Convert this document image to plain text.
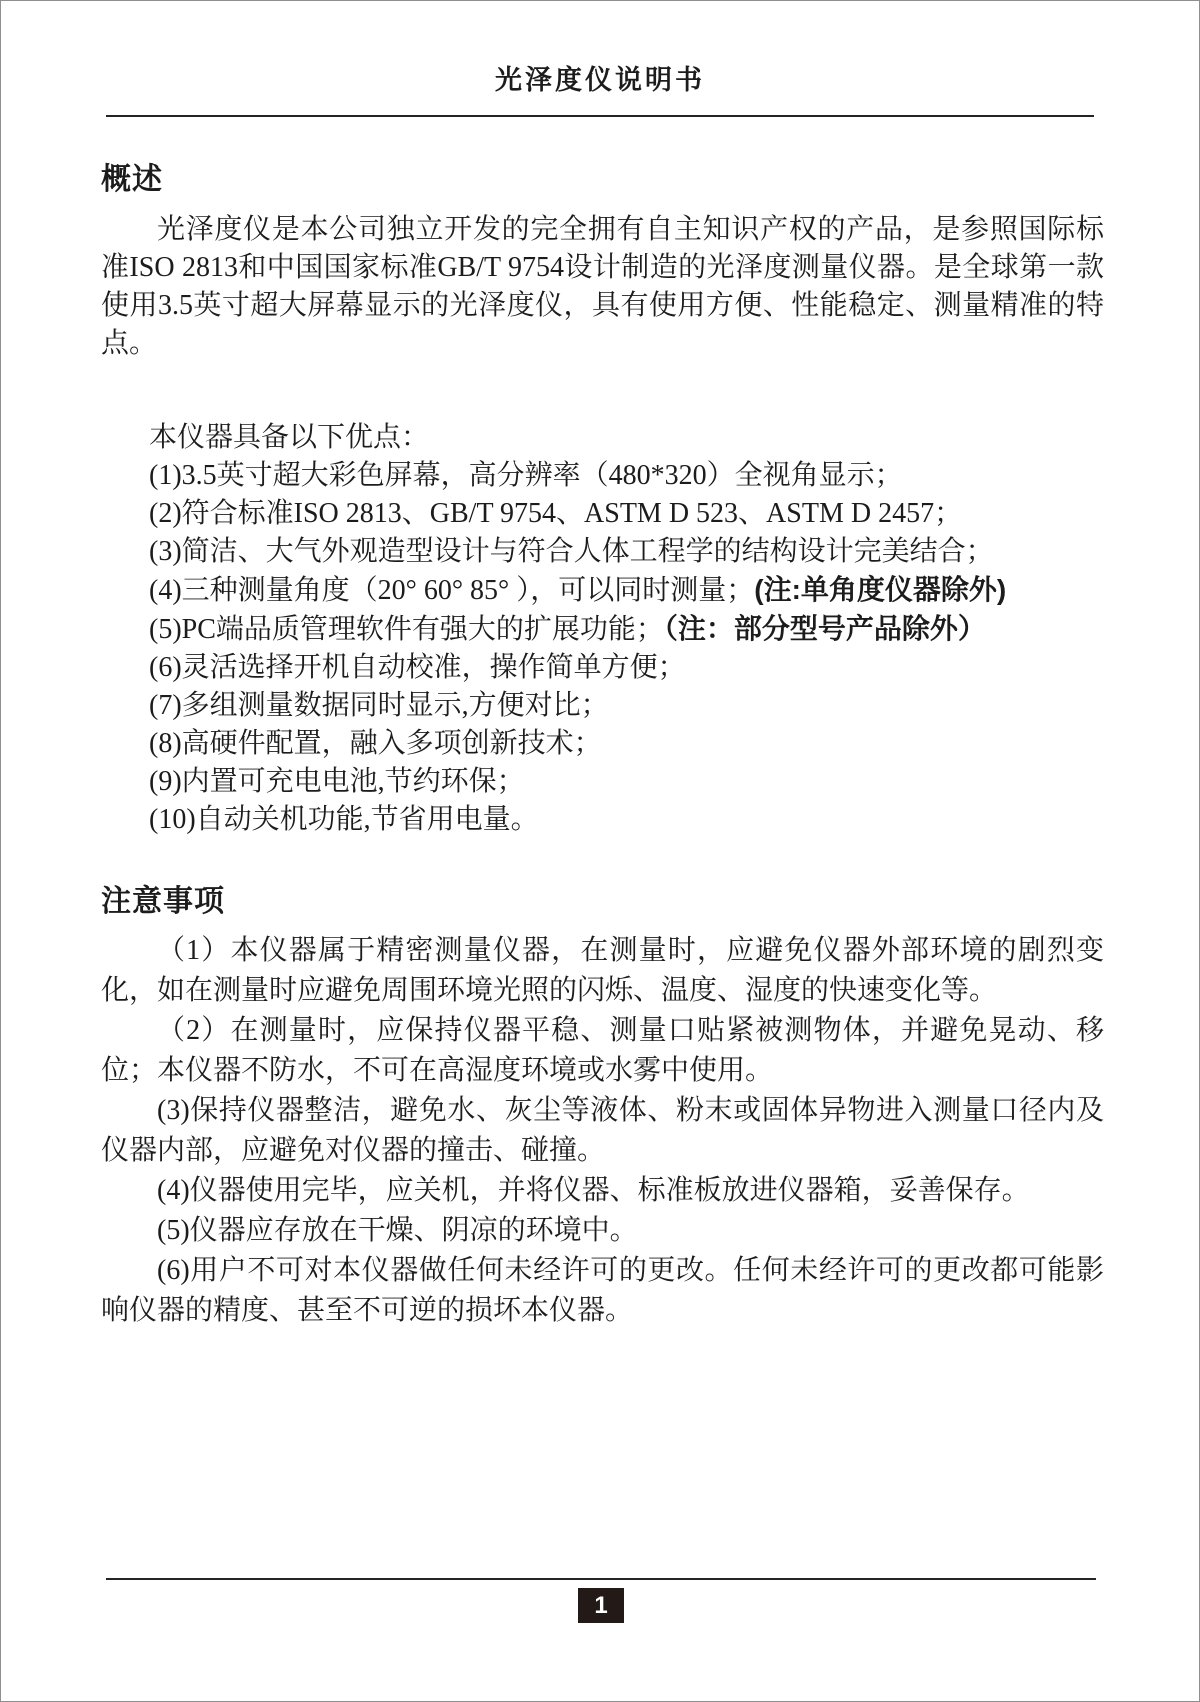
光泽度仪说明书
概述

光泽度仪是本公司独立开发的完全拥有自主知识产权的产品，是参照国际标准ISO 2813和中国国家标准GB/T 9754设计制造的光泽度测量仪器。是全球第一款使用3.5英寸超大屏幕显示的光泽度仪，具有使用方便、性能稳定、测量精准的特点。

本仪器具备以下优点：
(1)3.5英寸超大彩色屏幕，高分辨率（480*320）全视角显示；
(2)符合标准ISO 2813、GB/T 9754、ASTM D 523、ASTM D 2457；
(3)简洁、大气外观造型设计与符合人体工程学的结构设计完美结合；
(4)三种测量角度（20° 60° 85° ），可以同时测量；(注:单角度仪器除外)
(5)PC端品质管理软件有强大的扩展功能；（注：部分型号产品除外）
(6)灵活选择开机自动校准，操作简单方便；
(7)多组测量数据同时显示,方便对比；
(8)高硬件配置，融入多项创新技术；
(9)内置可充电电池,节约环保；
(10)自动关机功能,节省用电量。
注意事项

（1）本仪器属于精密测量仪器，在测量时，应避免仪器外部环境的剧烈变化，如在测量时应避免周围环境光照的闪烁、温度、湿度的快速变化等。

（2）在测量时，应保持仪器平稳、测量口贴紧被测物体，并避免晃动、移位；本仪器不防水，不可在高湿度环境或水雾中使用。

(3)保持仪器整洁，避免水、灰尘等液体、粉末或固体异物进入测量口径内及仪器内部，应避免对仪器的撞击、碰撞。

(4)仪器使用完毕，应关机，并将仪器、标准板放进仪器箱，妥善保存。

(5)仪器应存放在干燥、阴凉的环境中。

(6)用户不可对本仪器做任何未经许可的更改。任何未经许可的更改都可能影响仪器的精度、甚至不可逆的损坏本仪器。

1
